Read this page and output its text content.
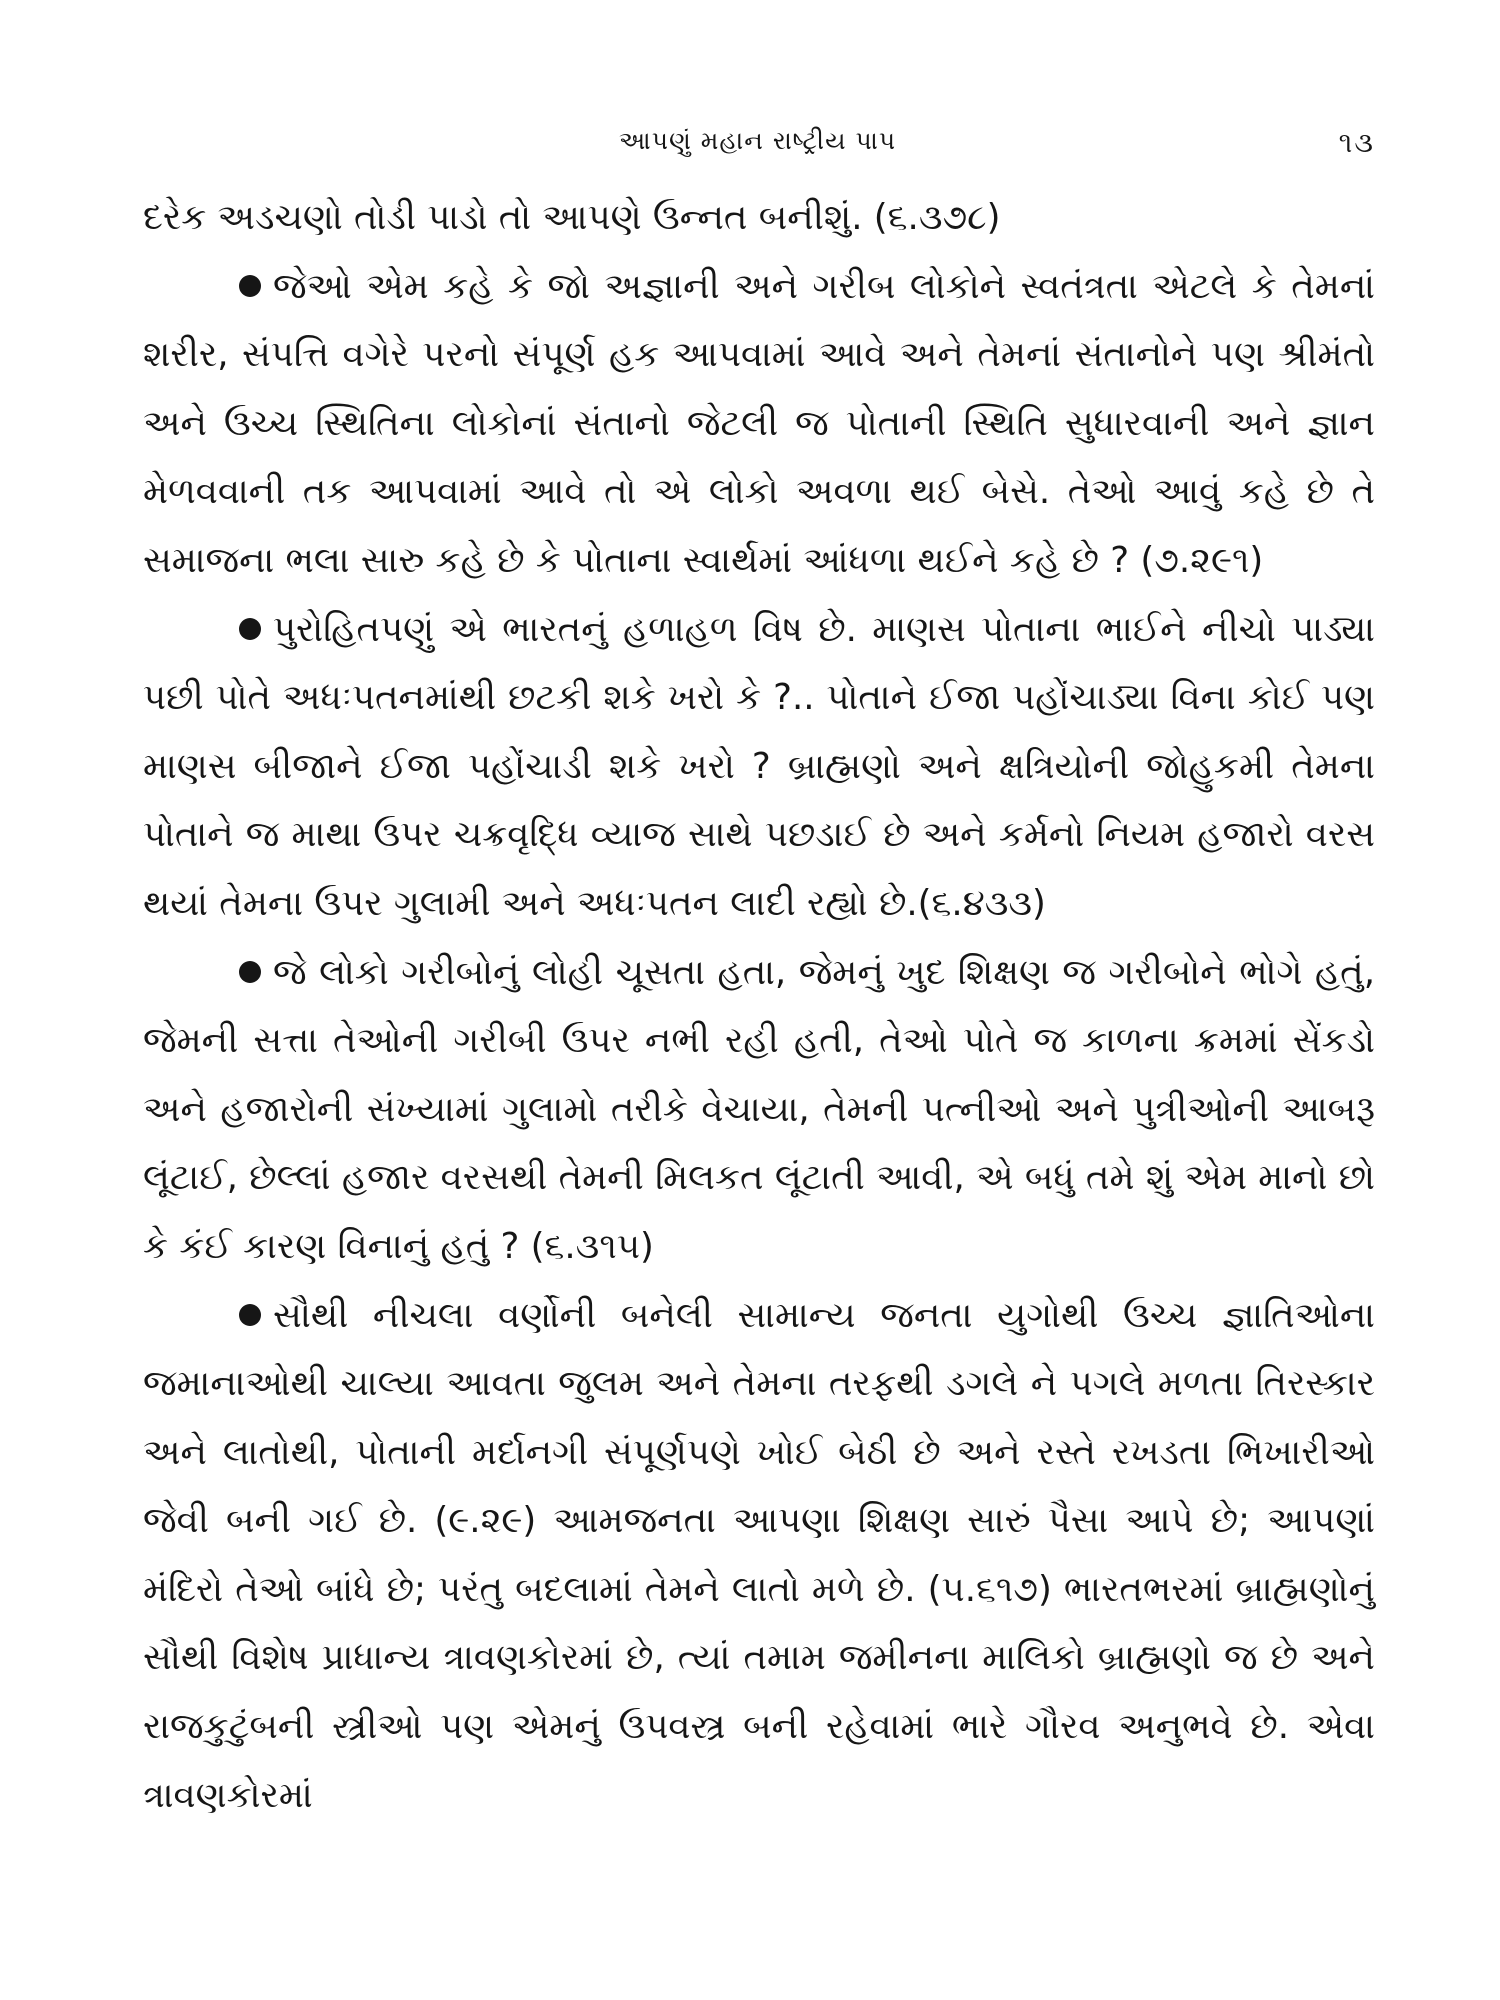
આપણું મહાન રાષ્ટ્રીય પાપ	૧૩

દરેક અડચણો તોડી પાડો તો આપણે ઉન્નત બનીશું. (૬.૩૭૮)

જેઓ એમ કહે કે જો અજ્ઞાની અને ગરીબ લોકોને સ્વતંત્રતા એટલે કે તેમનાં શરીર, સંપત્તિ વગેરે પરનો સંપૂર્ણ હક આપવામાં આવે અને તેમનાં સંતાનોને પણ શ્રીમંતો અને ઉચ્ચ સ્થિતિના લોકોનાં સંતાનો જેટલી જ પોતાની સ્થિતિ સુધારવાની અને જ્ઞાન મેળવવાની તક આપવામાં આવે તો એ લોકો અવળા થઈ બેસે. તેઓ આવું કહે છે તે સમાજના ભલા સારુ કહે છે કે પોતાના સ્વાર્થમાં આંધળા થઈને કહે છે ? (૭.૨૯૧)

પુરોહિતપણું એ ભારતનું હળાહળ વિષ છે. માણસ પોતાના ભાઈને નીચો પાડ્યા પછી પોતે અધઃપતનમાંથી છટકી શકે ખરો કે ?.. પોતાને ઈજા પહોંચાડ્યા વિના કોઈ પણ માણસ બીજાને ઈજા પહોંચાડી શકે ખરો ? બ્રાહ્મણો અને ક્ષત્રિયોની જોહુકમી તેમના પોતાને જ માથા ઉપર ચક્રવૃદ્ધિ વ્યાજ સાથે પછડાઈ છે અને કર્મનો નિયમ હજારો વરસ થયાં તેમના ઉપર ગુલામી અને અધઃપતન લાદી રહ્યો છે.(૬.૪૩૩)

જે લોકો ગરીબોનું લોહી ચૂસતા હતા, જેમનું ખુદ શિક્ષણ જ ગરીબોને ભોગે હતું, જેમની સત્તા તેઓની ગરીબી ઉપર નભી રહી હતી, તેઓ પોતે જ કાળના ક્રમમાં સેંકડો અને હજારોની સંખ્યામાં ગુલામો તરીકે વેચાયા, તેમની પત્નીઓ અને પુત્રીઓની આબરૂ લૂંટાઈ, છેલ્લાં હજાર વરસથી તેમની મિલકત લૂંટાતી આવી, એ બધું તમે શું એમ માનો છો કે કંઈ કારણ વિનાનું હતું ? (૬.૩૧૫)

સૌથી નીચલા વર્ણોની બનેલી સામાન્ય જનતા યુગોથી ઉચ્ચ જ્ઞાતિઓના જમાનાઓથી ચાલ્યા આવતા જુલમ અને તેમના તરફથી ડગલે ને પગલે મળતા તિરસ્કાર અને લાતોથી, પોતાની મર્દાનગી સંપૂર્ણપણે ખોઈ બેઠી છે અને રસ્તે રખડતા ભિખારીઓ જેવી બની ગઈ છે. (૯.૨૯) આમજનતા આપણા શિક્ષણ સારું પૈસા આપે છે; આપણાં મંદિરો તેઓ બાંધે છે; પરંતુ બદલામાં તેમને લાતો મળે છે. (૫.૬૧૭) ભારતભરમાં બ્રાહ્મણોનું સૌથી વિશેષ પ્રાધાન્ય ત્રાવણકોરમાં છે, ત્યાં તમામ જમીનના માલિકો બ્રાહ્મણો જ છે અને રાજકુટુંબની સ્ત્રીઓ પણ એમનું ઉપવસ્ત્ર બની રહેવામાં ભારે ગૌરવ અનુભવે છે. એવા ત્રાવણકોરમાં
